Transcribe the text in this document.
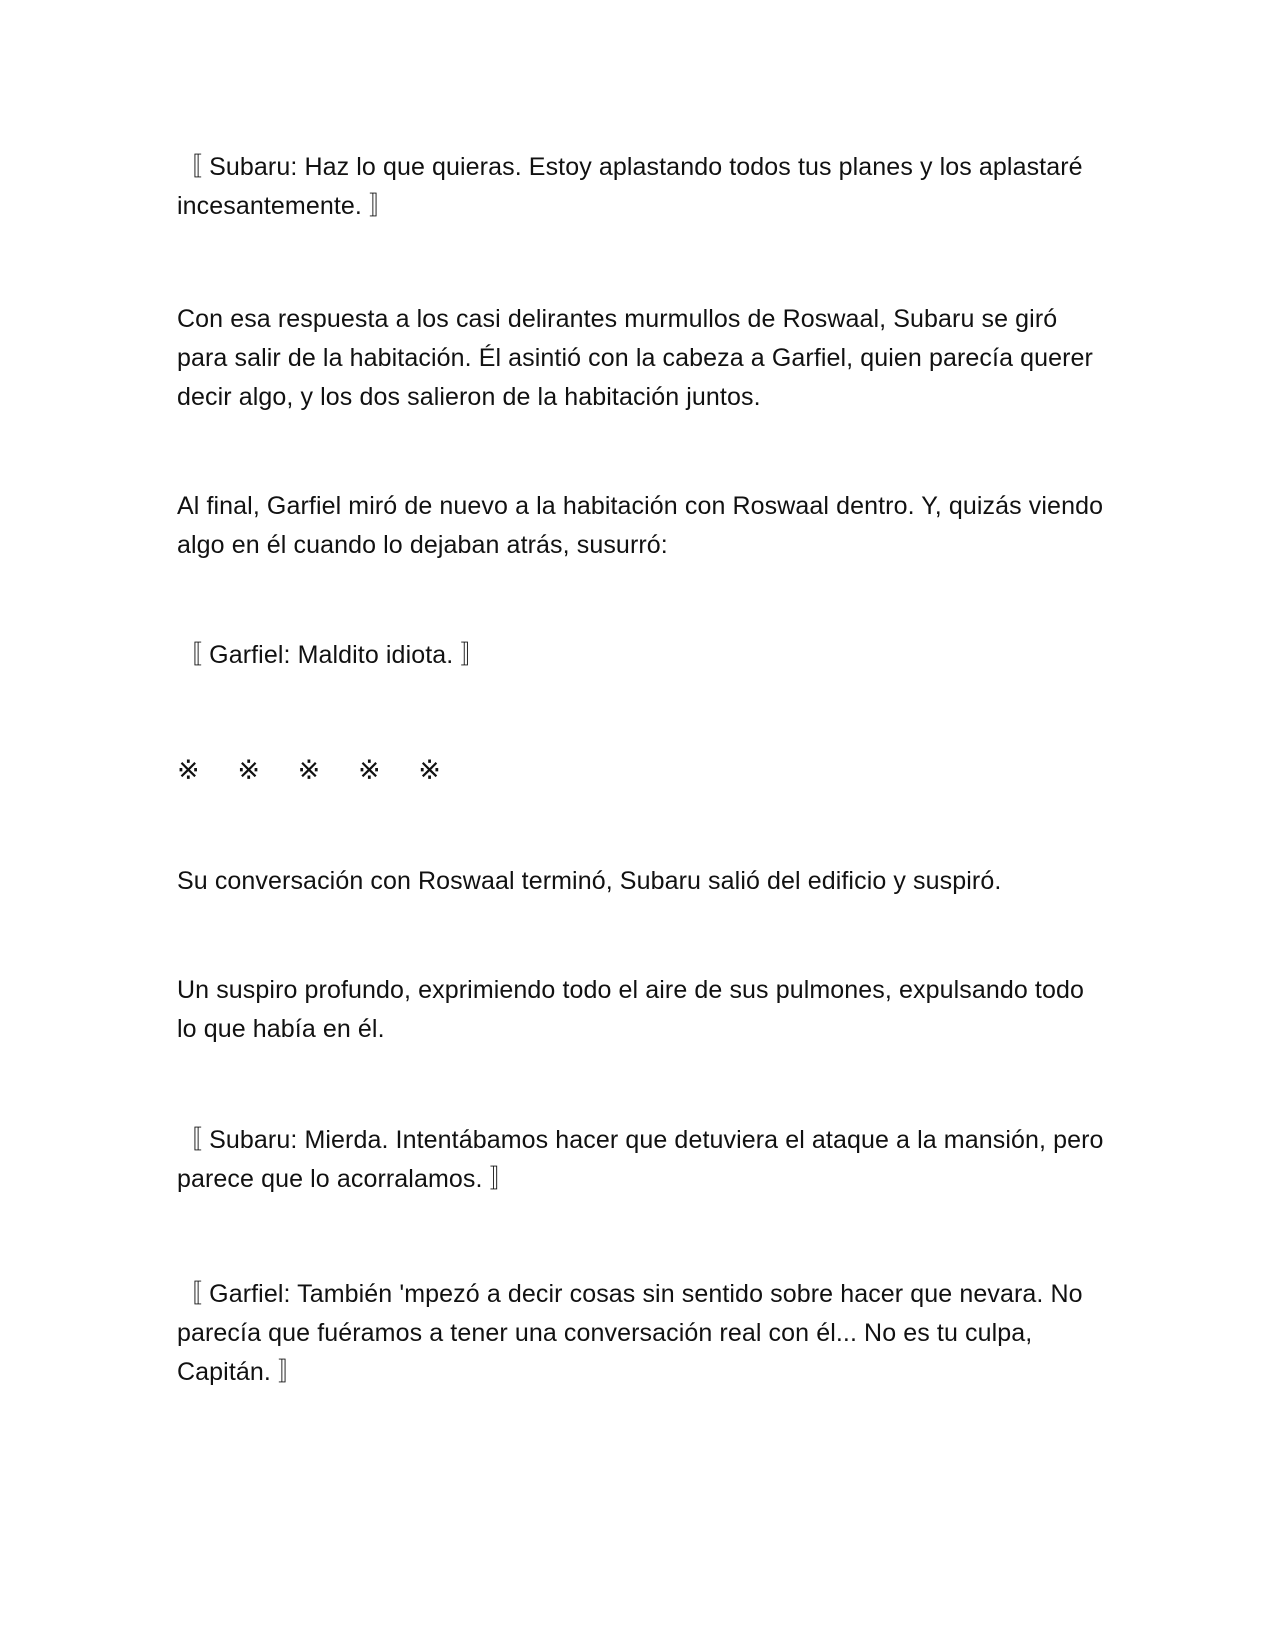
〚 Subaru: Haz lo que quieras. Estoy aplastando todos tus planes y los aplastaré incesantemente. 〛

Con esa respuesta a los casi delirantes murmullos de Roswaal, Subaru se giró para salir de la habitación. Él asintió con la cabeza a Garfiel, quien parecía querer decir algo, y los dos salieron de la habitación juntos.

Al final, Garfiel miró de nuevo a la habitación con Roswaal dentro. Y, quizás viendo algo en él cuando lo dejaban atrás, susurró:

〚 Garfiel: Maldito idiota. 〛

※ ※ ※ ※ ※

Su conversación con Roswaal terminó, Subaru salió del edificio y suspiró.

Un suspiro profundo, exprimiendo todo el aire de sus pulmones, expulsando todo lo que había en él.

〚 Subaru: Mierda. Intentábamos hacer que detuviera el ataque a la mansión, pero parece que lo acorralamos. 〛

〚 Garfiel: También 'mpezó a decir cosas sin sentido sobre hacer que nevara. No parecía que fuéramos a tener una conversación real con él... No es tu culpa, Capitán. 〛
